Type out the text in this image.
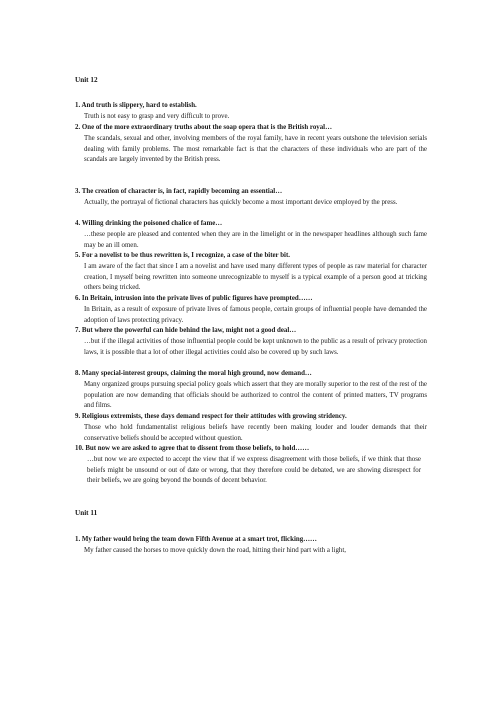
Unit 12
1. And truth is slippery, hard to establish.
Truth is not easy to grasp and very difficult to prove.
2. One of the more extraordinary truths about the soap opera that is the British royal…
The scandals, sexual and other, involving members of the royal family, have in recent years outshone the television serials dealing with family problems. The most remarkable fact is that the characters of these individuals who are part of the scandals are largely invented by the British press.
3. The creation of character is, in fact, rapidly becoming an essential…
Actually, the portrayal of fictional characters has quickly become a most important device employed by the press.
4. Willing drinking the poisoned chalice of fame…
…these people are pleased and contented when they are in the limelight or in the newspaper headlines although such fame may be an ill omen.
5. For a novelist to be thus rewritten is, I recognize, a case of the biter bit.
I am aware of the fact that since I am a novelist and have used many different types of people as raw material for character creation, I myself being rewritten into someone unrecognizable to myself is a typical example of a person good at tricking others being tricked.
6. In Britain, intrusion into the private lives of public figures have prompted……
In Britain, as a result of exposure of private lives of famous people, certain groups of influential people have demanded the adoption of laws protecting privacy.
7. But where the powerful can hide behind the law, might not a good deal…
…but if the illegal activities of those influential people could be kept unknown to the public as a result of privacy protection laws, it is possible that a lot of other illegal activities could also be covered up by such laws.
8. Many special-interest groups, claiming the moral high ground, now demand…
Many organized groups pursuing special policy goals which assert that they are morally superior to the rest of the rest of the population are now demanding that officials should be authorized to control the content of printed matters, TV programs and films.
9. Religious extremists, these days demand respect for their attitudes with growing stridency.
Those who hold fundamentalist religious beliefs have recently been making louder and louder demands that their conservative beliefs should be accepted without question.
10. But now we are asked to agree that to dissent from those beliefs, to hold……
…but now we are expected to accept the view that if we express disagreement with those beliefs, if we think that those beliefs might be unsound or out of date or wrong, that they therefore could be debated, we are showing disrespect for their beliefs, we are going beyond the bounds of decent behavior.
Unit 11
1. My father would bring the team down Fifth Avenue at a smart trot, flicking……
My father caused the horses to move quickly down the road, hitting their hind part with a light,
